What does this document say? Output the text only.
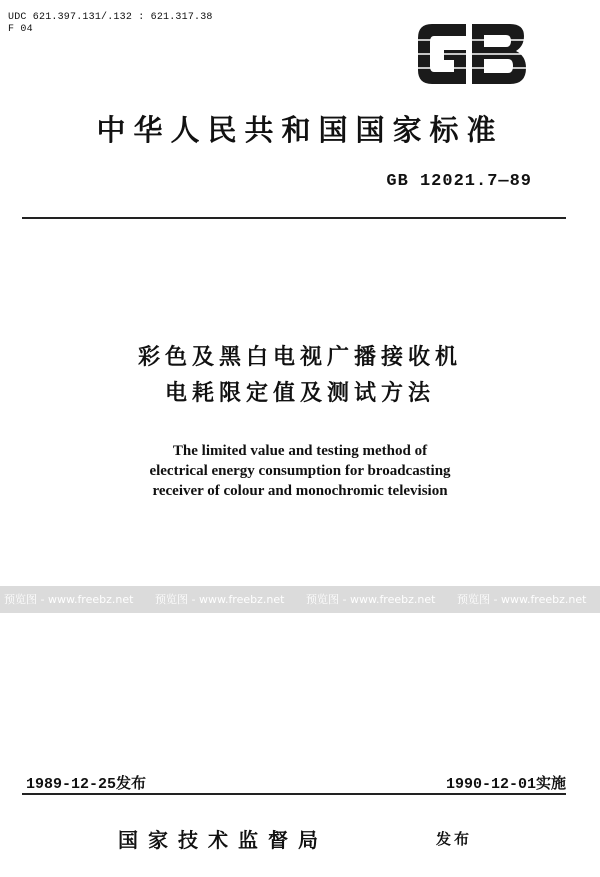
UDC 621.397.131/.132 : 621.317.38
F 04
中华人民共和国国家标准
GB 12021.7—89
彩色及黑白电视广播接收机
电耗限定值及测试方法
The limited value and testing method of
electrical energy consumption for broadcasting
receiver of colour and monochromic television
预览图 - www.freebz.net 预览图 - www.freebz.net 预览图 - www.freebz.net 预览图 - www.freebz.net
1989-12-25发布	1990-12-01实施
国家技术监督局	发布
